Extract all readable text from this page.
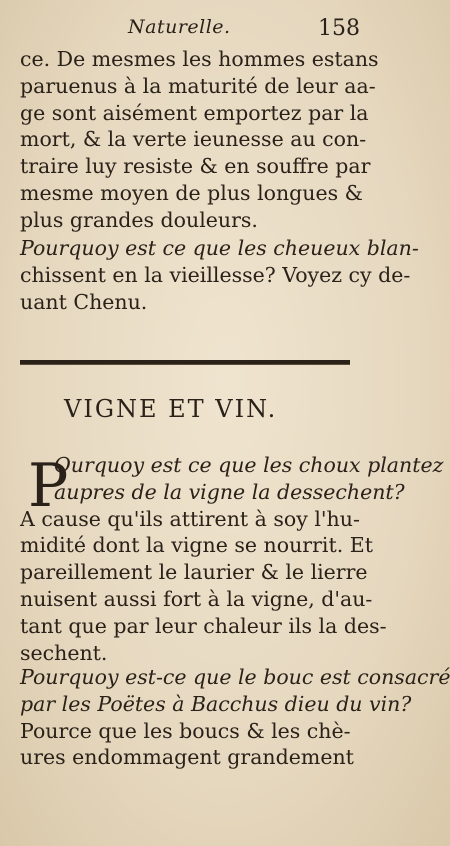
Naturelle.	158
ce. De mesmes les hommes estans
paruenus à la maturité de leur aa-
ge sont aisément emportez par la
mort, & la verte ieunesse au con-
traire luy resiste & en souffre par
mesme moyen de plus longues &
plus grandes douleurs.
Pourquoy est ce que les cheueux blan-
chissent en la vieillesse? Voyez cy de-
uant Chenu.
VIGNE ET VIN.
P
Ourquoy est ce que les choux plantez
aupres de la vigne la dessechent?
A cause qu'ils attirent à soy l'hu-
midité dont la vigne se nourrit. Et
pareillement le laurier & le lierre
nuisent aussi fort à la vigne, d'au-
tant que par leur chaleur ils la des-
sechent.
Pourquoy est-ce que le bouc est consacré
par les Poëtes à Bacchus dieu du vin?
Pource que les boucs & les chè-
ures endommagent grandement
